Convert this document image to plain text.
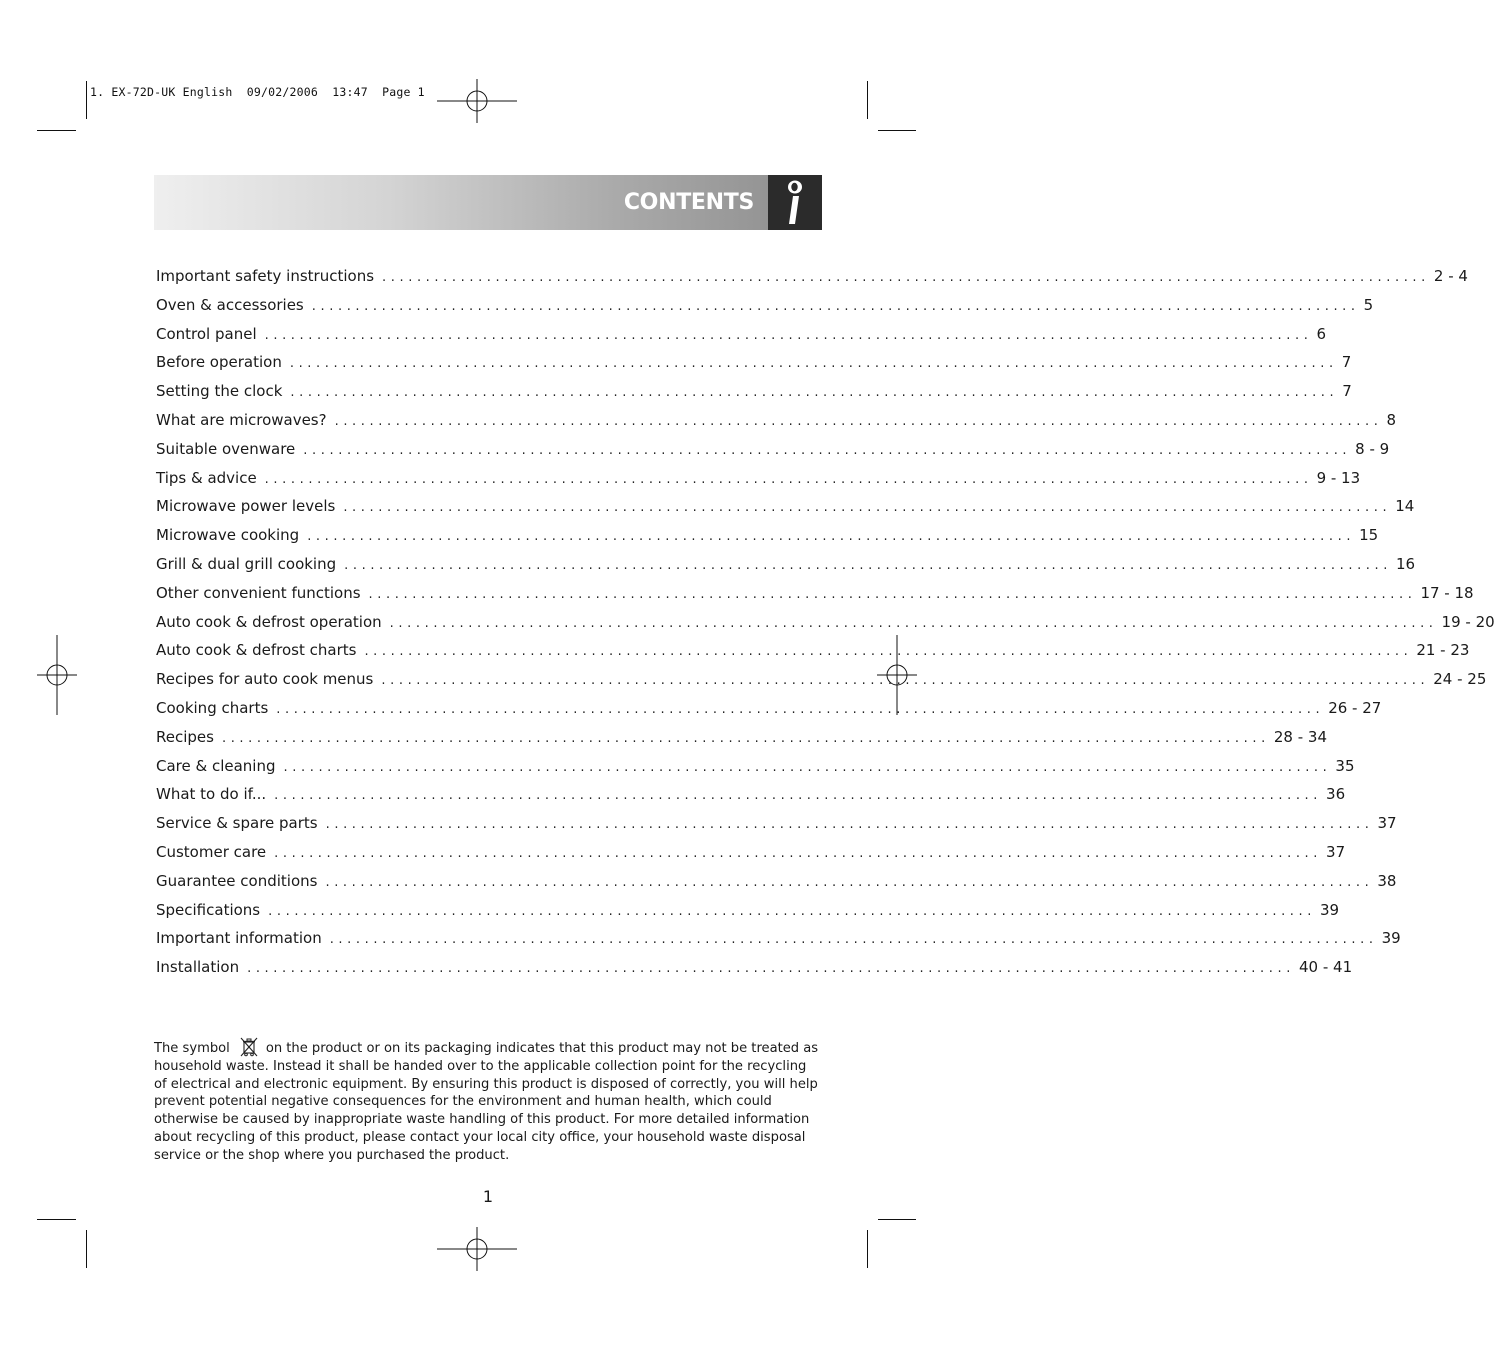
1. EX-72D-UK English  09/02/2006  13:47  Page 1
CONTENTS
Important safety instructions ........................................................................................................................ 2 - 4
Oven & accessories ........................................................................................................................ 5
Control panel ........................................................................................................................ 6
Before operation ........................................................................................................................ 7
Setting the clock ........................................................................................................................ 7
What are microwaves? ........................................................................................................................ 8
Suitable ovenware ........................................................................................................................ 8 - 9
Tips & advice ........................................................................................................................ 9 - 13
Microwave power levels ........................................................................................................................ 14
Microwave cooking ........................................................................................................................ 15
Grill & dual grill cooking ........................................................................................................................ 16
Other convenient functions ........................................................................................................................ 17 - 18
Auto cook & defrost operation ........................................................................................................................ 19 - 20
Auto cook & defrost charts ........................................................................................................................ 21 - 23
Recipes for auto cook menus ........................................................................................................................ 24 - 25
Cooking charts ........................................................................................................................ 26 - 27
Recipes ........................................................................................................................ 28 - 34
Care & cleaning ........................................................................................................................ 35
What to do if... ........................................................................................................................ 36
Service & spare parts ........................................................................................................................ 37
Customer care ........................................................................................................................ 37
Guarantee conditions ........................................................................................................................ 38
Specifications ........................................................................................................................ 39
Important information ........................................................................................................................ 39
Installation ........................................................................................................................ 40 - 41
The symbol	on the product or on its packaging indicates that this product may not be treated as household waste. Instead it shall be handed over to the applicable collection point for the recycling of electrical and electronic equipment. By ensuring this product is disposed of correctly, you will help prevent potential negative consequences for the environment and human health, which could otherwise be caused by inappropriate waste handling of this product. For more detailed information about recycling of this product, please contact your local city office, your household waste disposal service or the shop where you purchased the product.
1
